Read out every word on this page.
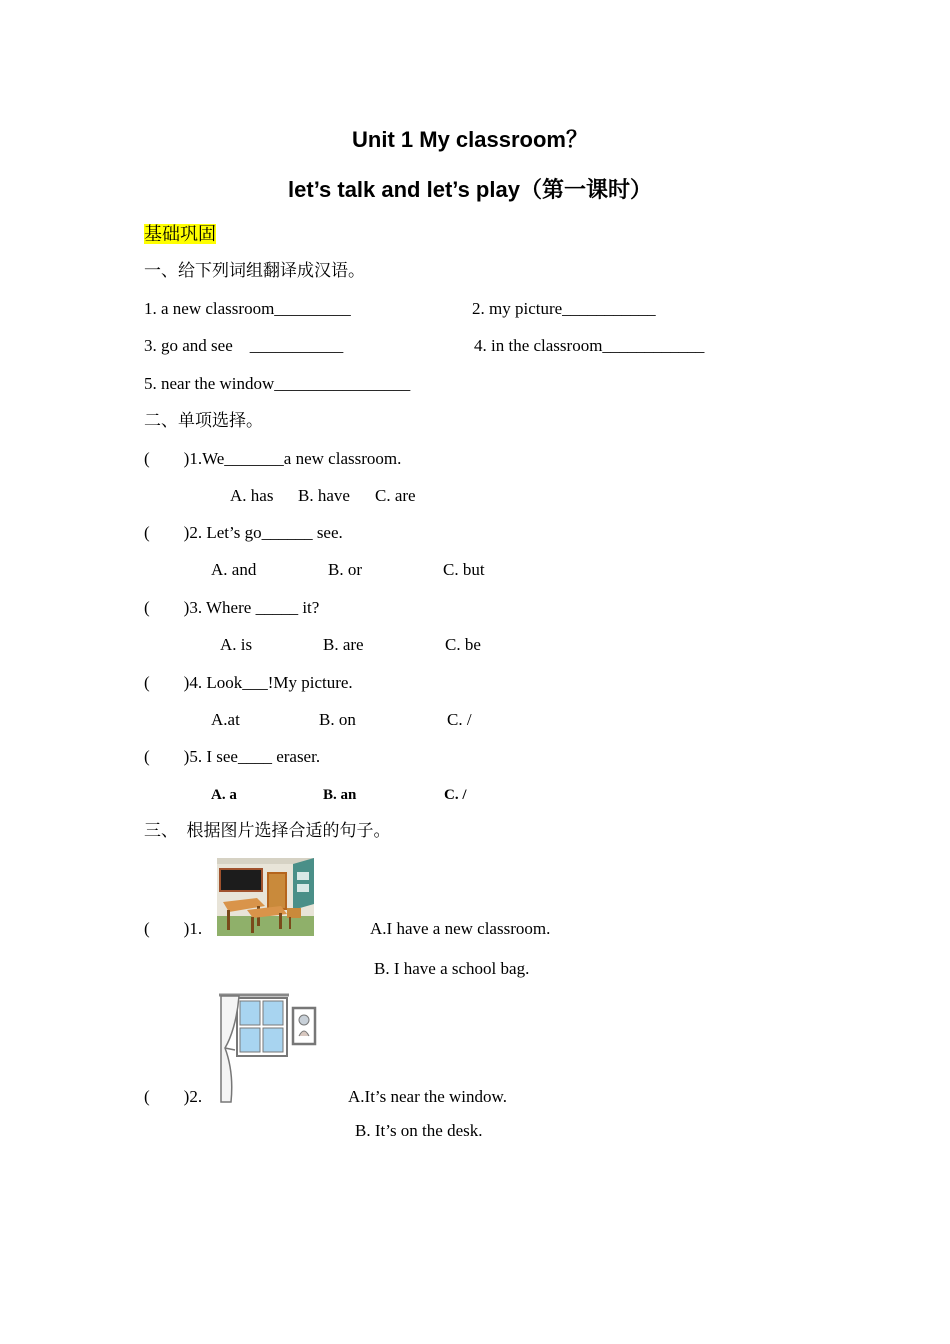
Unit 1 My classroom？
let’s talk and let’s play（第一课时）
基础巩固
一、给下列词组翻译成汉语。
1. a new classroom_________	2. my picture___________
3. go and see    ___________	4. in the classroom____________
5. near the window________________
二、单项选择。
(        )1.We_______a new classroom.
A. has B. have C. are
(        )2. Let’s go______ see.
A. and	B. or	C. but
(        )3. Where _____ it?
A. is	B. are	C. be
(        )4. Look___!My picture.
A.at	B. on	C. /
(        )5. I see____ eraser.
A. a	B. an	C. /
三、  根据图片选择合适的句子。
(        )1.	A.I have a new classroom.
B. I have a school bag.
(        )2.	A.It’s near the window.
B. It’s on the desk.
